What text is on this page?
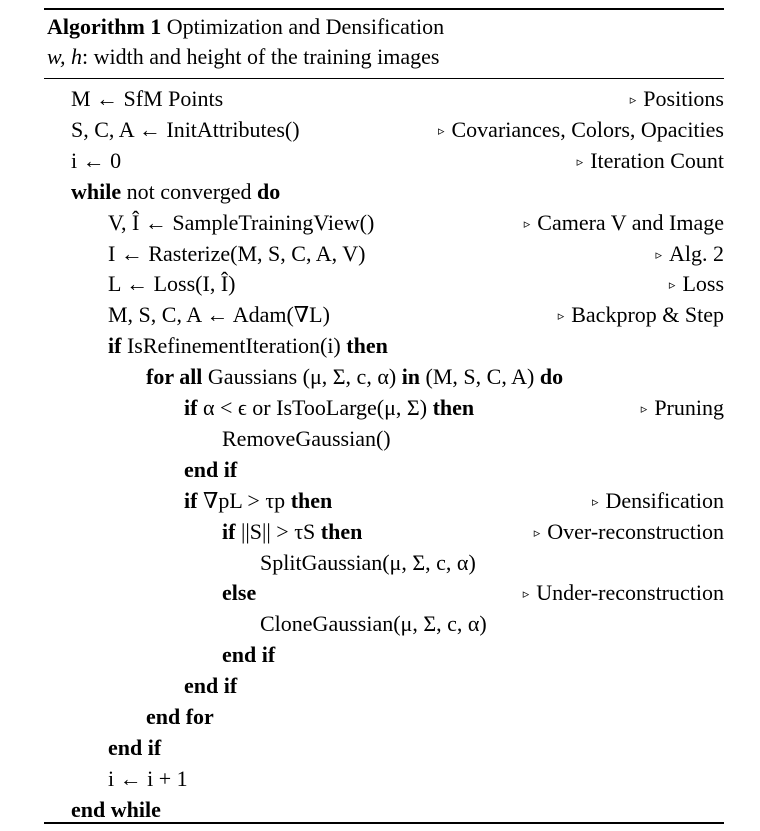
Algorithm 1 Optimization and Densification
w, h: width and height of the training images
M ← SfM Points	▹ Positions
S, C, A ← InitAttributes()	▹ Covariances, Colors, Opacities
i ← 0	▹ Iteration Count
while not converged do
V, Î ← SampleTrainingView()	▹ Camera V and Image
I ← Rasterize(M, S, C, A, V)	▹ Alg. 2
L ← Loss(I, Î)	▹ Loss
M, S, C, A ← Adam(∇L)	▹ Backprop & Step
if IsRefinementIteration(i) then
for all Gaussians (μ, Σ, c, α) in (M, S, C, A) do
if α < ϵ or IsTooLarge(μ, Σ) then	▹ Pruning
RemoveGaussian()
end if
if ∇pL > τp then	▹ Densification
if ||S|| > τS then	▹ Over-reconstruction
SplitGaussian(μ, Σ, c, α)
else	▹ Under-reconstruction
CloneGaussian(μ, Σ, c, α)
end if
end if
end for
end if
i ← i + 1
end while
